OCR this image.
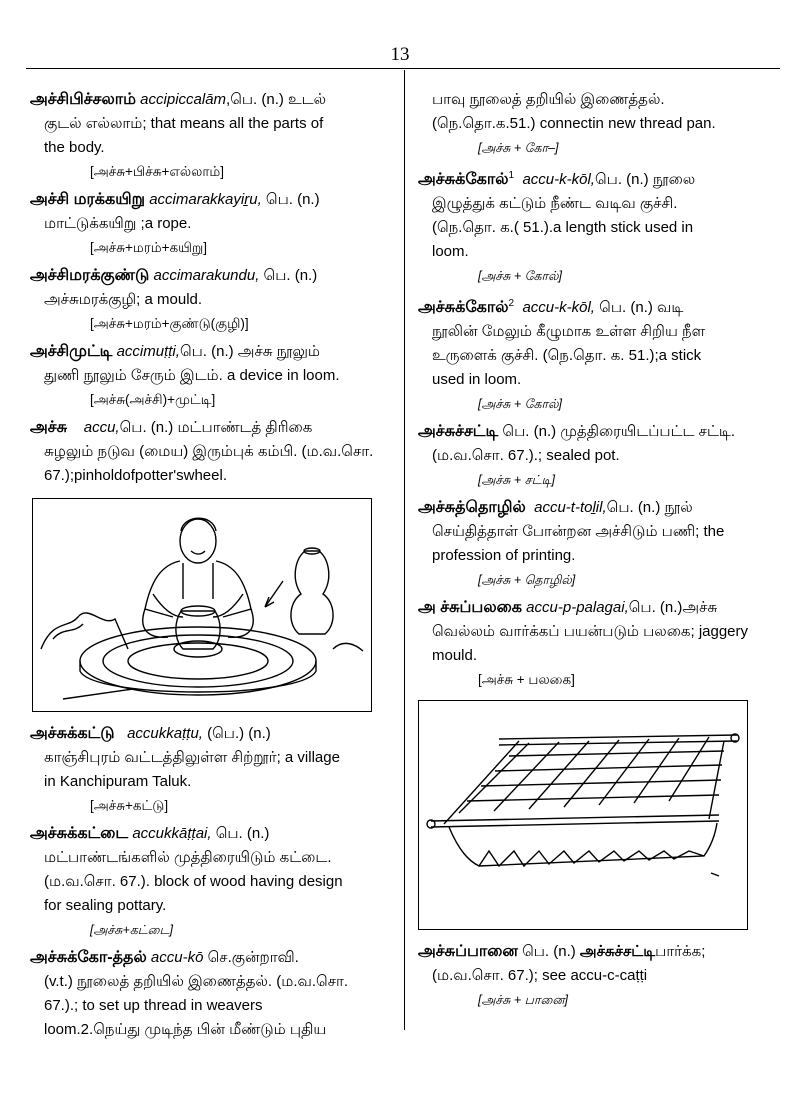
13
அச்சிபிச்சலாம் accipiccalām,பெ. (n.) உடல்
குடல் எல்லாம்; that means all the parts of
the body.
[அச்சு+பிச்சு+எல்லாம்]
அச்சி மரக்கயிறு accimarakkayiṟu, பெ. (n.)
மாட்டுக்கயிறு ;a rope.
[அச்சு+மரம்+கயிறு]
அச்சிமரக்குண்டு accimarakundu, பெ. (n.)
அச்சுமரக்குழி; a mould.
[அச்சு+மரம்+குண்டு(குழி)]
அச்சிமுட்டி accimuṭṭi,பெ. (n.) அச்சு நூலும்
துணி நூலும் சேரும் இடம். a device in loom.
[அச்சு(அச்சி)+முட்டி]
அச்சு accu,பெ. (n.) மட்பாண்டத் திரிகை
சுழலும் நடுவ (மைய) இரும்புக் கம்பி. (ம.வ.சொ.
67.);pinholdofpotter'swheel.
அச்சுக்கட்டு accukkaṭṭu, (பெ.) (n.)
காஞ்சிபுரம் வட்டத்திலுள்ள சிற்றூர்; a village
in Kanchipuram Taluk.
[அச்சு+கட்டு]
அச்சுக்கட்டை accukkāṭṭai, பெ. (n.)
மட்பாண்டங்களில் முத்திரையிடும் கட்டை.
(ம.வ.சொ. 67.). block of wood having design
for sealing pottary.
[அச்சு+கட்டை]
அச்சுக்கோ-த்தல் accu-kō செ.குன்றாவி.
(v.t.) நூலைத் தறியில் இணைத்தல். (ம.வ.சொ.
67.).; to set up thread in weavers
loom.2.நெய்து முடிந்த பின் மீண்டும் புதிய
பாவு நூலைத் தறியில் இணைத்தல்.
(நெ.தொ.க.51.) connectin new thread pan.
[அச்சு + கோ–]
அச்சுக்கோல்$^1$ accu-k-kōl,பெ. (n.) நூலை
இழுத்துக் கட்டும் நீண்ட வடிவ குச்சி.
(நெ.தொ. க.( 51.).a length stick used in
loom.
[அச்சு + கோல்]
அச்சுக்கோல்$^2$ accu-k-kōl, பெ. (n.) வடி
நூலின் மேலும் கீழுமாக உள்ள சிறிய நீள
உருளைக் குச்சி. (நெ.தொ. க. 51.);a stick
used in loom.
[அச்சு + கோல்]
அச்சுச்சட்டி பெ. (n.) முத்திரையிடப்பட்ட சட்டி.
(ம.வ.சொ. 67.).; sealed pot.
[அச்சு + சட்டி]
அச்சுத்தொழில் accu-t-toḻil,பெ. (n.) நூல்
செய்தித்தாள் போன்றன அச்சிடும் பணி; the
profession of printing.
[அச்சு + தொழில்]
அ ச்சுப்பலகை accu-p-palagai,பெ. (n.)அச்சு
வெல்லம் வார்க்கப் பயன்படும் பலகை; jaggery
mould.
[அச்சு + பலகை]
அச்சுப்பானை பெ. (n.) அச்சுச்சட்டிபார்க்க;
(ம.வ.சொ. 67.); see accu-c-caṭṭi
[அச்சு + பானை]
